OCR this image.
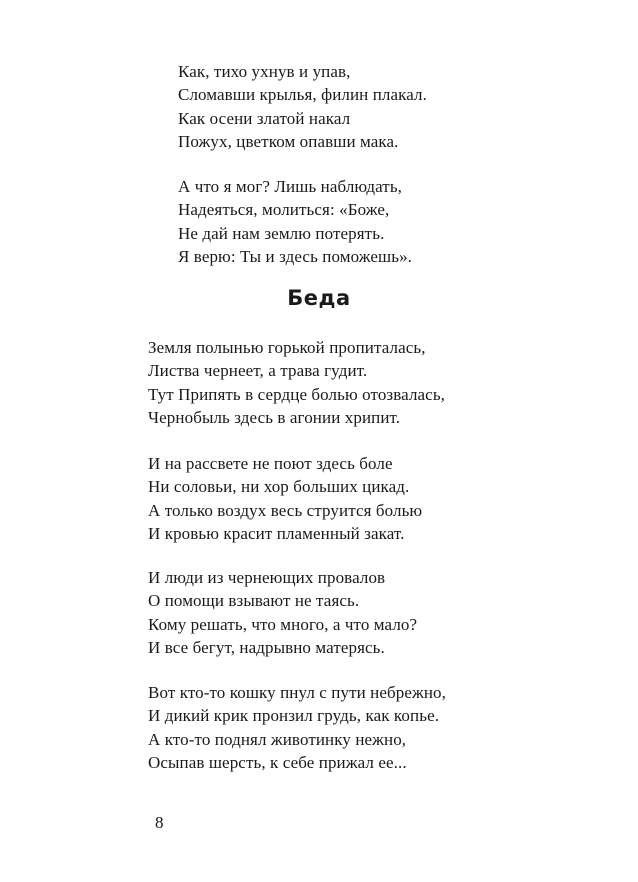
Как, тихо ухнув и упав,
Сломавши крылья, филин плакал.
Как осени златой накал
Пожух, цветком опавши мака.
А что я мог? Лишь наблюдать,
Надеяться, молиться: «Боже,
Не дай нам землю потерять.
Я верю: Ты и здесь поможешь».
Беда
Земля полынью горькой пропиталась,
Листва чернеет, а трава гудит.
Тут Припять в сердце болью отозвалась,
Чернобыль здесь в агонии хрипит.
И на рассвете не поют здесь боле
Ни соловьи, ни хор больших цикад.
А только воздух весь струится болью
И кровью красит пламенный закат.
И люди из чернеющих провалов
О помощи взывают не таясь.
Кому решать, что много, а что мало?
И все бегут, надрывно матерясь.
Вот кто-то кошку пнул с пути небрежно,
И дикий крик пронзил грудь, как копье.
А кто-то поднял животинку нежно,
Осыпав шерсть, к себе прижал ее...
8
